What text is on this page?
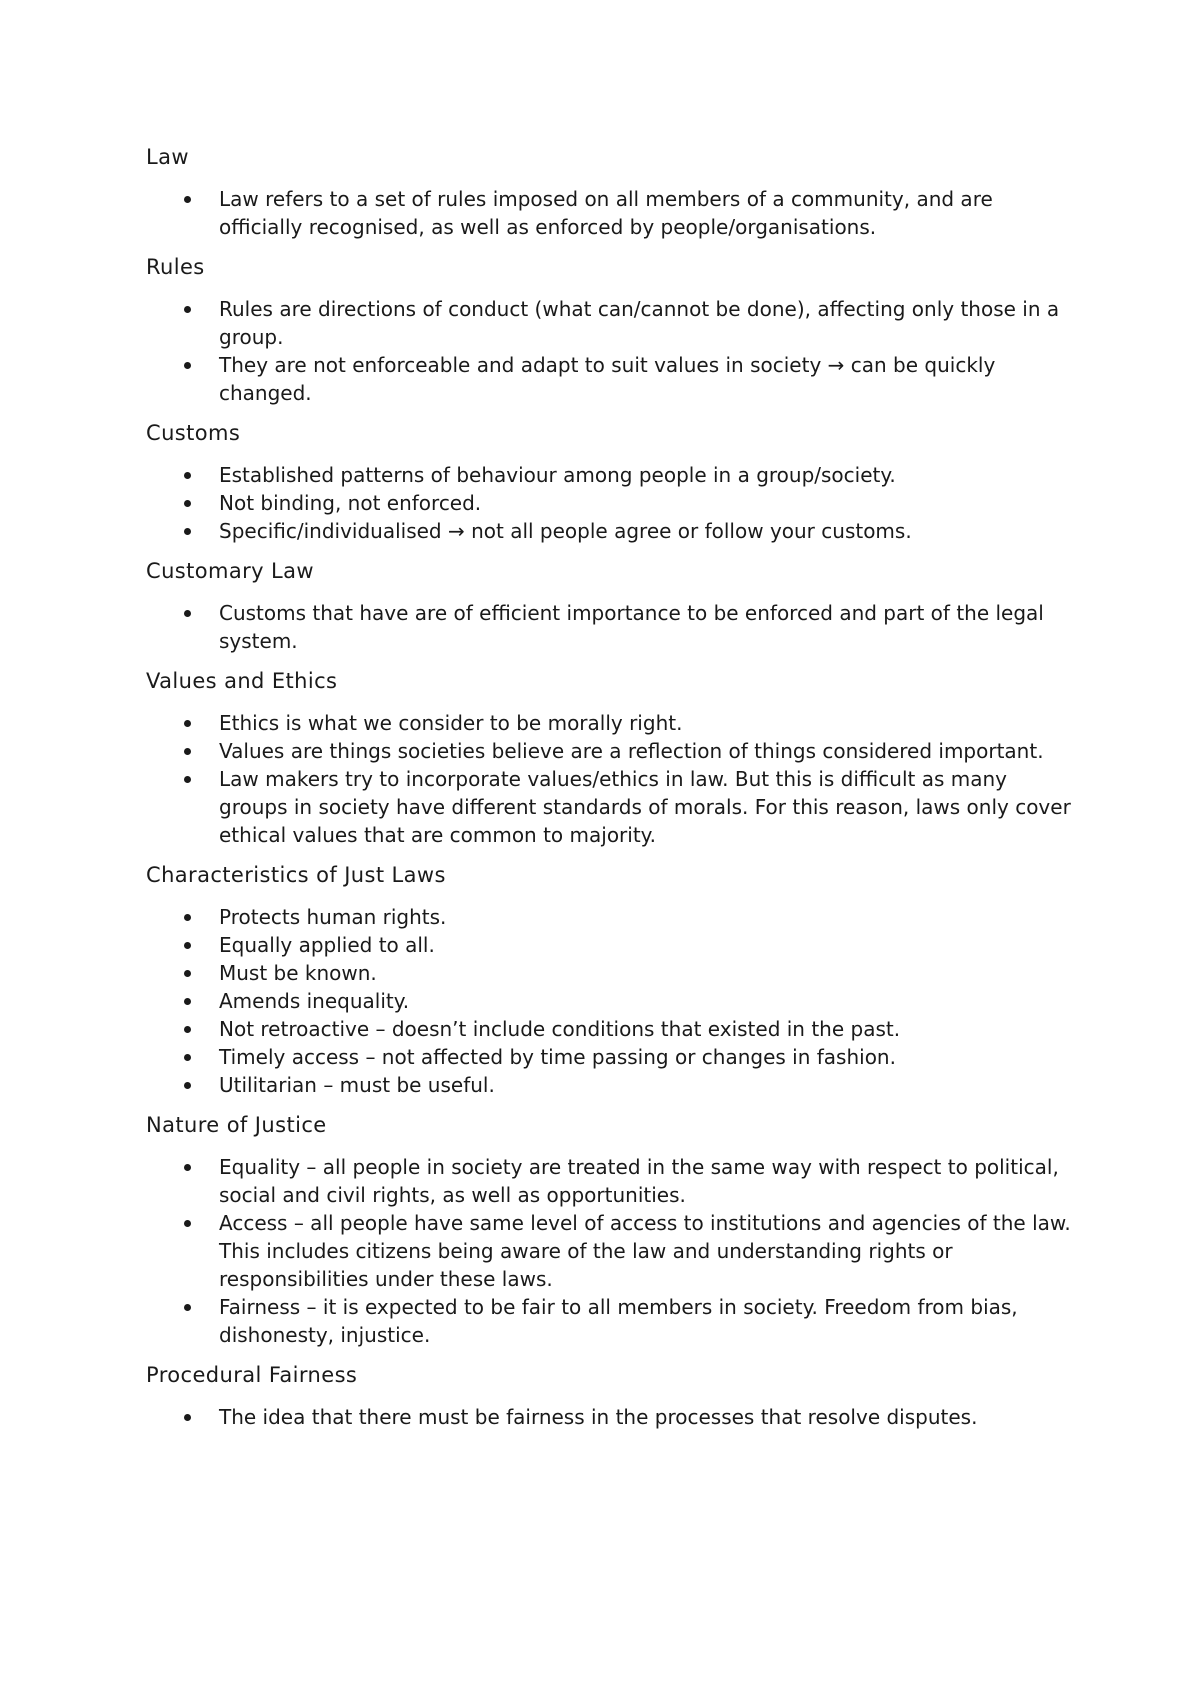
Law
Law refers to a set of rules imposed on all members of a community, and are officially recognised, as well as enforced by people/organisations.
Rules
Rules are directions of conduct (what can/cannot be done), affecting only those in a group.
They are not enforceable and adapt to suit values in society → can be quickly changed.
Customs
Established patterns of behaviour among people in a group/society.
Not binding, not enforced.
Specific/individualised → not all people agree or follow your customs.
Customary Law
Customs that have are of efficient importance to be enforced and part of the legal system.
Values and Ethics
Ethics is what we consider to be morally right.
Values are things societies believe are a reflection of things considered important.
Law makers try to incorporate values/ethics in law. But this is difficult as many groups in society have different standards of morals. For this reason, laws only cover ethical values that are common to majority.
Characteristics of Just Laws
Protects human rights.
Equally applied to all.
Must be known.
Amends inequality.
Not retroactive – doesn’t include conditions that existed in the past.
Timely access – not affected by time passing or changes in fashion.
Utilitarian – must be useful.
Nature of Justice
Equality – all people in society are treated in the same way with respect to political, social and civil rights, as well as opportunities.
Access – all people have same level of access to institutions and agencies of the law. This includes citizens being aware of the law and understanding rights or responsibilities under these laws.
Fairness – it is expected to be fair to all members in society. Freedom from bias, dishonesty, injustice.
Procedural Fairness
The idea that there must be fairness in the processes that resolve disputes.
